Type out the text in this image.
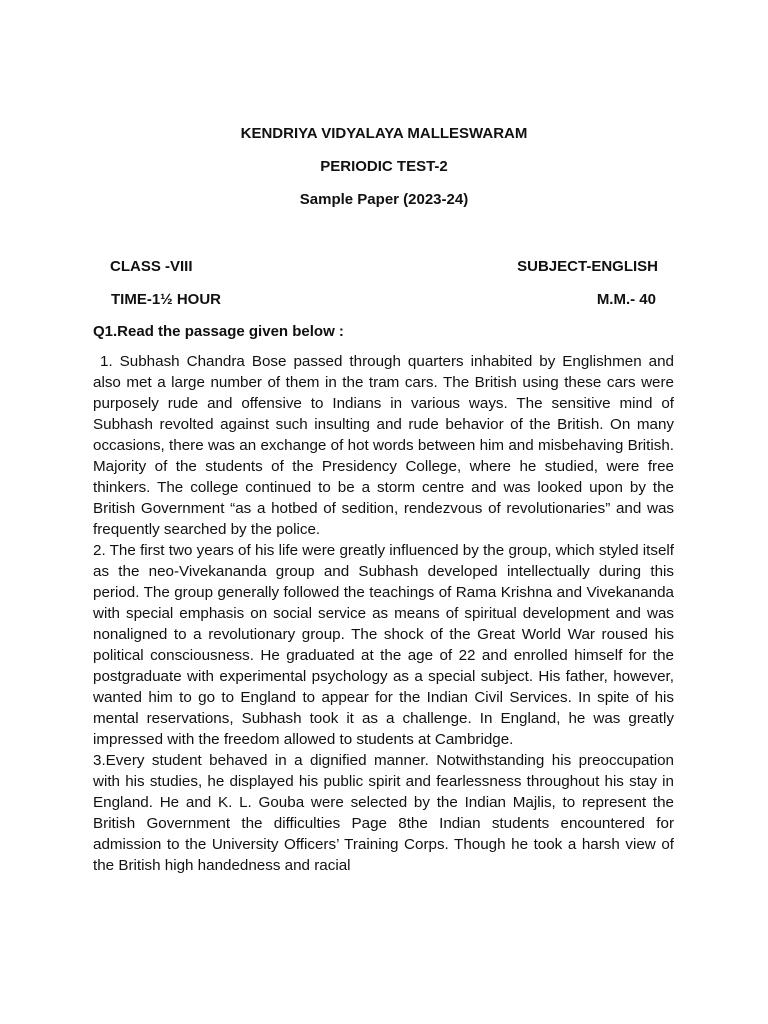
KENDRIYA VIDYALAYA MALLESWARAM
PERIODIC TEST-2
Sample Paper (2023-24)
CLASS -VIII	SUBJECT-ENGLISH
TIME-1½ HOUR	M.M.- 40
Q1.Read the passage given below :

1. Subhash Chandra Bose passed through quarters inhabited by Englishmen and also met a large number of them in the tram cars. The British using these cars were purposely rude and offensive to Indians in various ways. The sensitive mind of Subhash revolted against such insulting and rude behavior of the British. On many occasions, there was an exchange of hot words between him and misbehaving British. Majority of the students of the Presidency College, where he studied, were free thinkers. The college continued to be a storm centre and was looked upon by the British Government “as a hotbed of sedition, rendezvous of revolutionaries” and was frequently searched by the police.

2. The first two years of his life were greatly influenced by the group, which styled itself as the neo-Vivekananda group and Subhash developed intellectually during this period. The group generally followed the teachings of Rama Krishna and Vivekananda with special emphasis on social service as means of spiritual development and was nonaligned to a revolutionary group. The shock of the Great World War roused his political consciousness. He graduated at the age of 22 and enrolled himself for the postgraduate with experimental psychology as a special subject. His father, however, wanted him to go to England to appear for the Indian Civil Services. In spite of his mental reservations, Subhash took it as a challenge. In England, he was greatly impressed with the freedom allowed to students at Cambridge.

3.Every student behaved in a dignified manner. Notwithstanding his preoccupation with his studies, he displayed his public spirit and fearlessness throughout his stay in England. He and K. L. Gouba were selected by the Indian Majlis, to represent the British Government the difficulties Page 8the Indian students encountered for admission to the University Officers’ Training Corps. Though he took a harsh view of the British high handedness and racial
